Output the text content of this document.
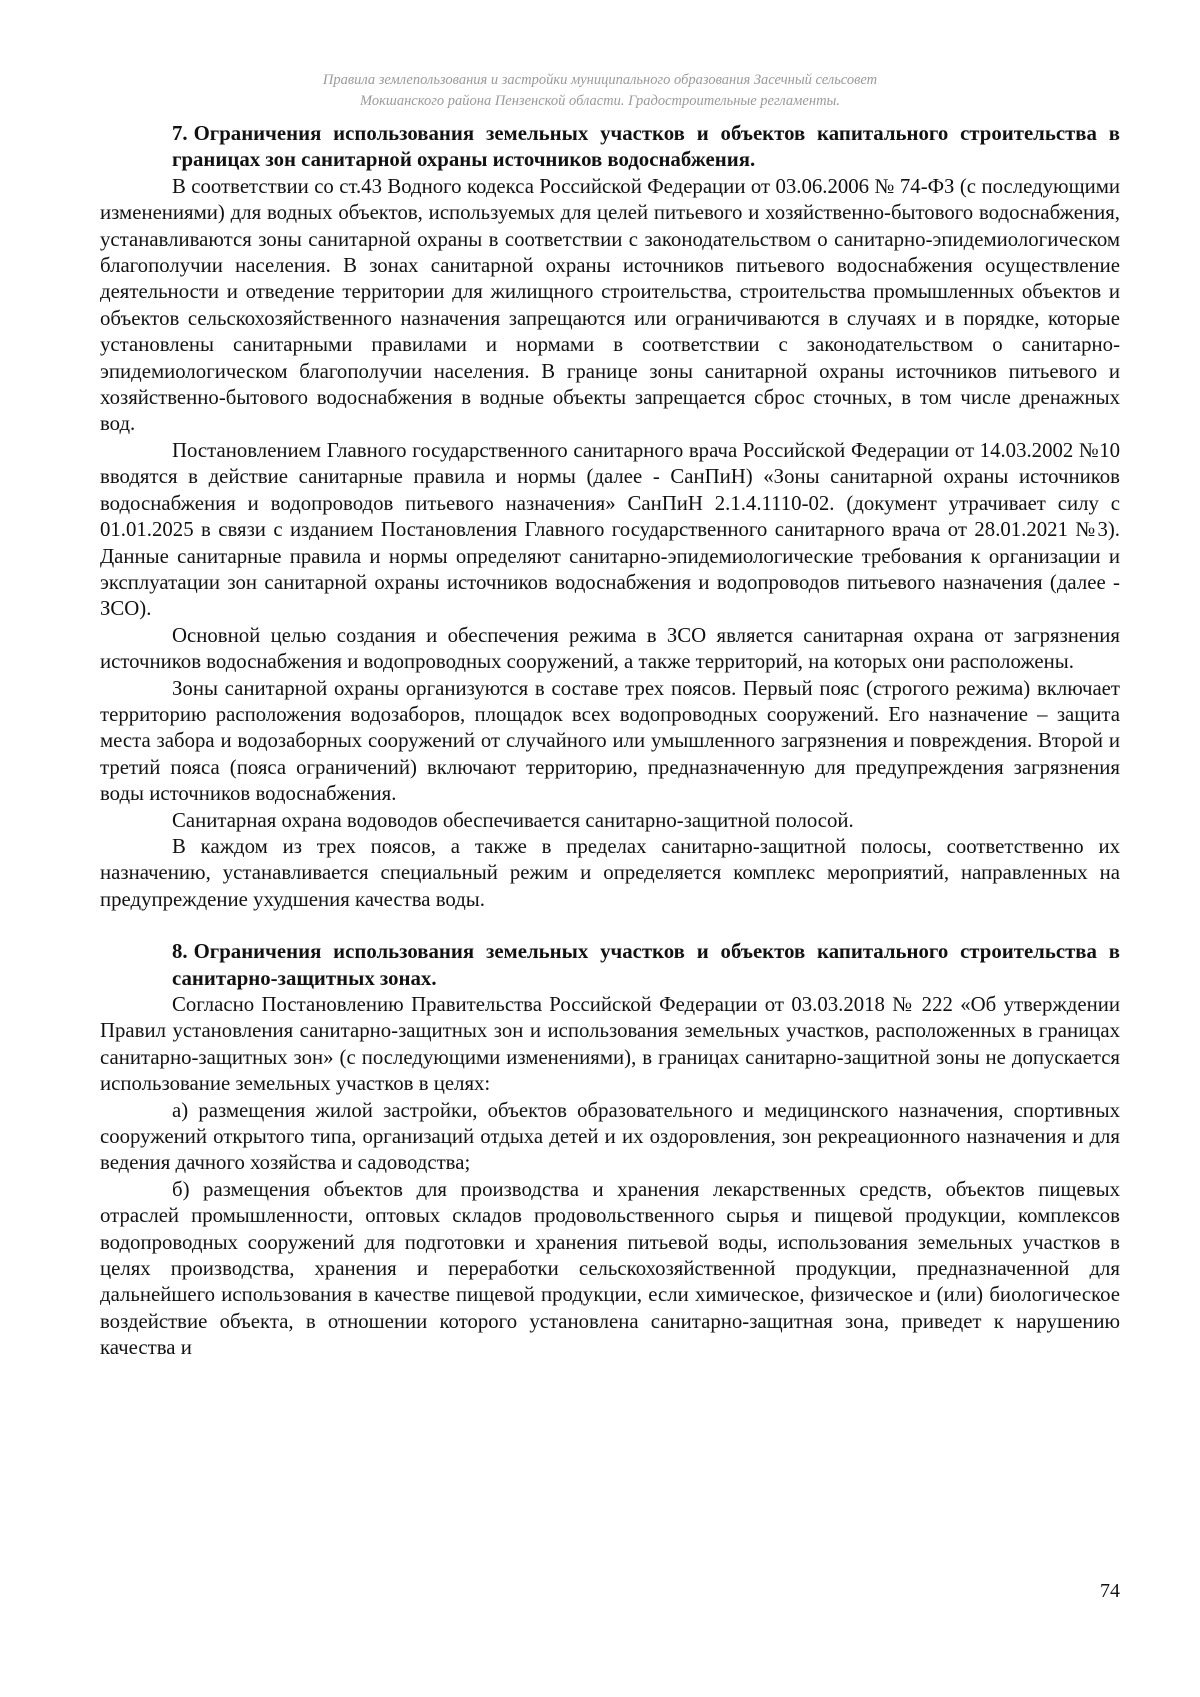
Правила землепользования и застройки муниципального образования Засечный сельсовет
Мокшанского района Пензенской области. Градостроительные регламенты.
7. Ограничения использования земельных участков и объектов капитального строительства в границах зон санитарной охраны источников водоснабжения.

В соответствии со ст.43 Водного кодекса Российской Федерации от 03.06.2006 № 74-ФЗ (с последующими изменениями) для водных объектов, используемых для целей питьевого и хозяйственно-бытового водоснабжения, устанавливаются зоны санитарной охраны в соответствии с законодательством о санитарно-эпидемиологическом благополучии населения. В зонах санитарной охраны источников питьевого водоснабжения осуществление деятельности и отведение территории для жилищного строительства, строительства промышленных объектов и объектов сельскохозяйственного назначения запрещаются или ограничиваются в случаях и в порядке, которые установлены санитарными правилами и нормами в соответствии с законодательством о санитарно-эпидемиологическом благополучии населения. В границе зоны санитарной охраны источников питьевого и хозяйственно-бытового водоснабжения в водные объекты запрещается сброс сточных, в том числе дренажных вод.

Постановлением Главного государственного санитарного врача Российской Федерации от 14.03.2002 №10 вводятся в действие санитарные правила и нормы (далее - СанПиН) «Зоны санитарной охраны источников водоснабжения и водопроводов питьевого назначения» СанПиН 2.1.4.1110-02. (документ утрачивает силу с 01.01.2025 в связи с изданием Постановления Главного государственного санитарного врача от 28.01.2021 №3). Данные санитарные правила и нормы определяют санитарно-эпидемиологические требования к организации и эксплуатации зон санитарной охраны источников водоснабжения и водопроводов питьевого назначения (далее - ЗСО).

Основной целью создания и обеспечения режима в ЗСО является санитарная охрана от загрязнения источников водоснабжения и водопроводных сооружений, а также территорий, на которых они расположены.

Зоны санитарной охраны организуются в составе трех поясов. Первый пояс (строгого режима) включает территорию расположения водозаборов, площадок всех водопроводных сооружений. Его назначение – защита места забора и водозаборных сооружений от случайного или умышленного загрязнения и повреждения. Второй и третий пояса (пояса ограничений) включают территорию, предназначенную для предупреждения загрязнения воды источников водоснабжения.

Санитарная охрана водоводов обеспечивается санитарно-защитной полосой.

В каждом из трех поясов, а также в пределах санитарно-защитной полосы, соответственно их назначению, устанавливается специальный режим и определяется комплекс мероприятий, направленных на предупреждение ухудшения качества воды.

8. Ограничения использования земельных участков и объектов капитального строительства в санитарно-защитных зонах.

Согласно Постановлению Правительства Российской Федерации от 03.03.2018 № 222 «Об утверждении Правил установления санитарно-защитных зон и использования земельных участков, расположенных в границах санитарно-защитных зон» (с последующими изменениями), в границах санитарно-защитной зоны не допускается использование земельных участков в целях:

а) размещения жилой застройки, объектов образовательного и медицинского назначения, спортивных сооружений открытого типа, организаций отдыха детей и их оздоровления, зон рекреационного назначения и для ведения дачного хозяйства и садоводства;

б) размещения объектов для производства и хранения лекарственных средств, объектов пищевых отраслей промышленности, оптовых складов продовольственного сырья и пищевой продукции, комплексов водопроводных сооружений для подготовки и хранения питьевой воды, использования земельных участков в целях производства, хранения и переработки сельскохозяйственной продукции, предназначенной для дальнейшего использования в качестве пищевой продукции, если химическое, физическое и (или) биологическое воздействие объекта, в отношении которого установлена санитарно-защитная зона, приведет к нарушению качества и

74
